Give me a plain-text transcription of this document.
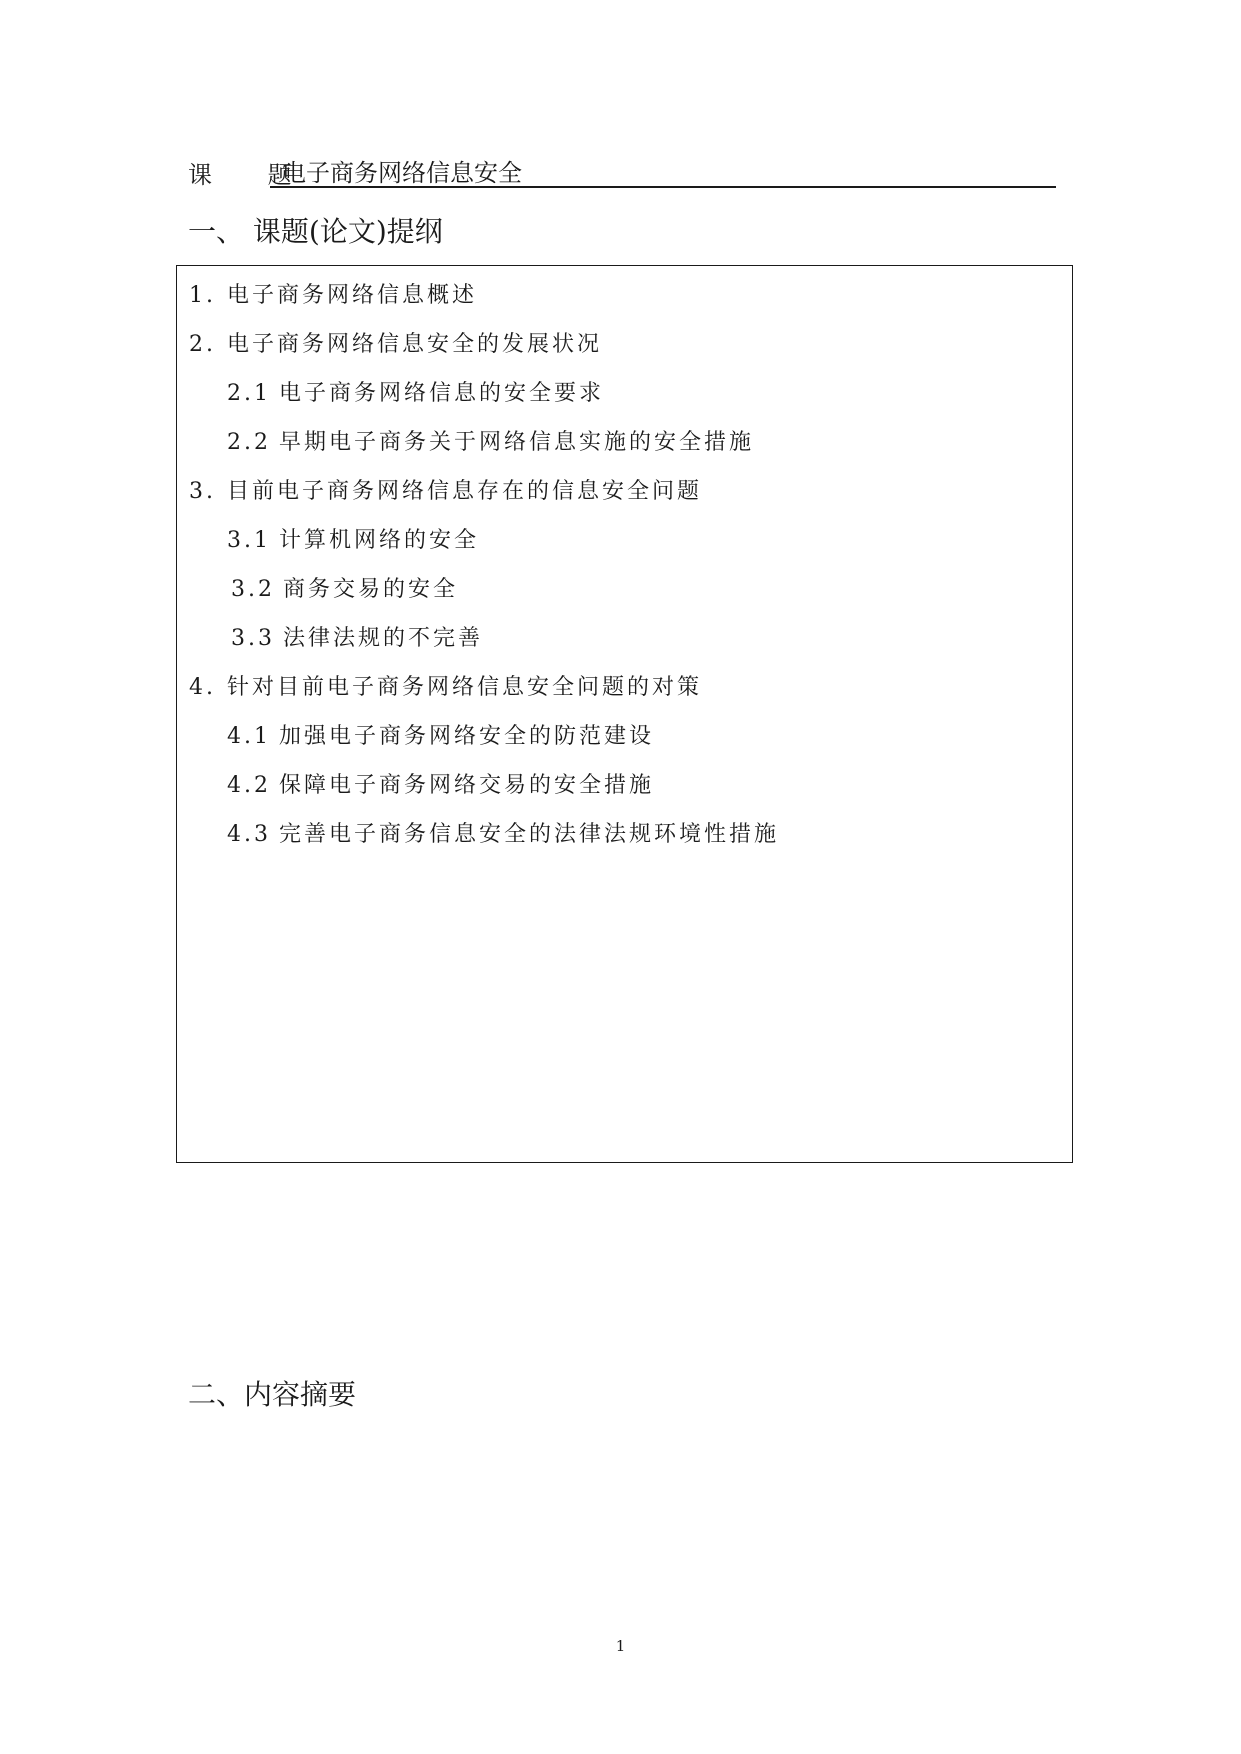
课 题
电子商务网络信息安全
一、 课题(论文)提纲
1. 电子商务网络信息概述
2. 电子商务网络信息安全的发展状况
2.1 电子商务网络信息的安全要求
2.2 早期电子商务关于网络信息实施的安全措施
3. 目前电子商务网络信息存在的信息安全问题
3.1 计算机网络的安全
3.2 商务交易的安全
3.3 法律法规的不完善
4. 针对目前电子商务网络信息安全问题的对策
4.1 加强电子商务网络安全的防范建设
4.2 保障电子商务网络交易的安全措施
4.3 完善电子商务信息安全的法律法规环境性措施
二、内容摘要
1
